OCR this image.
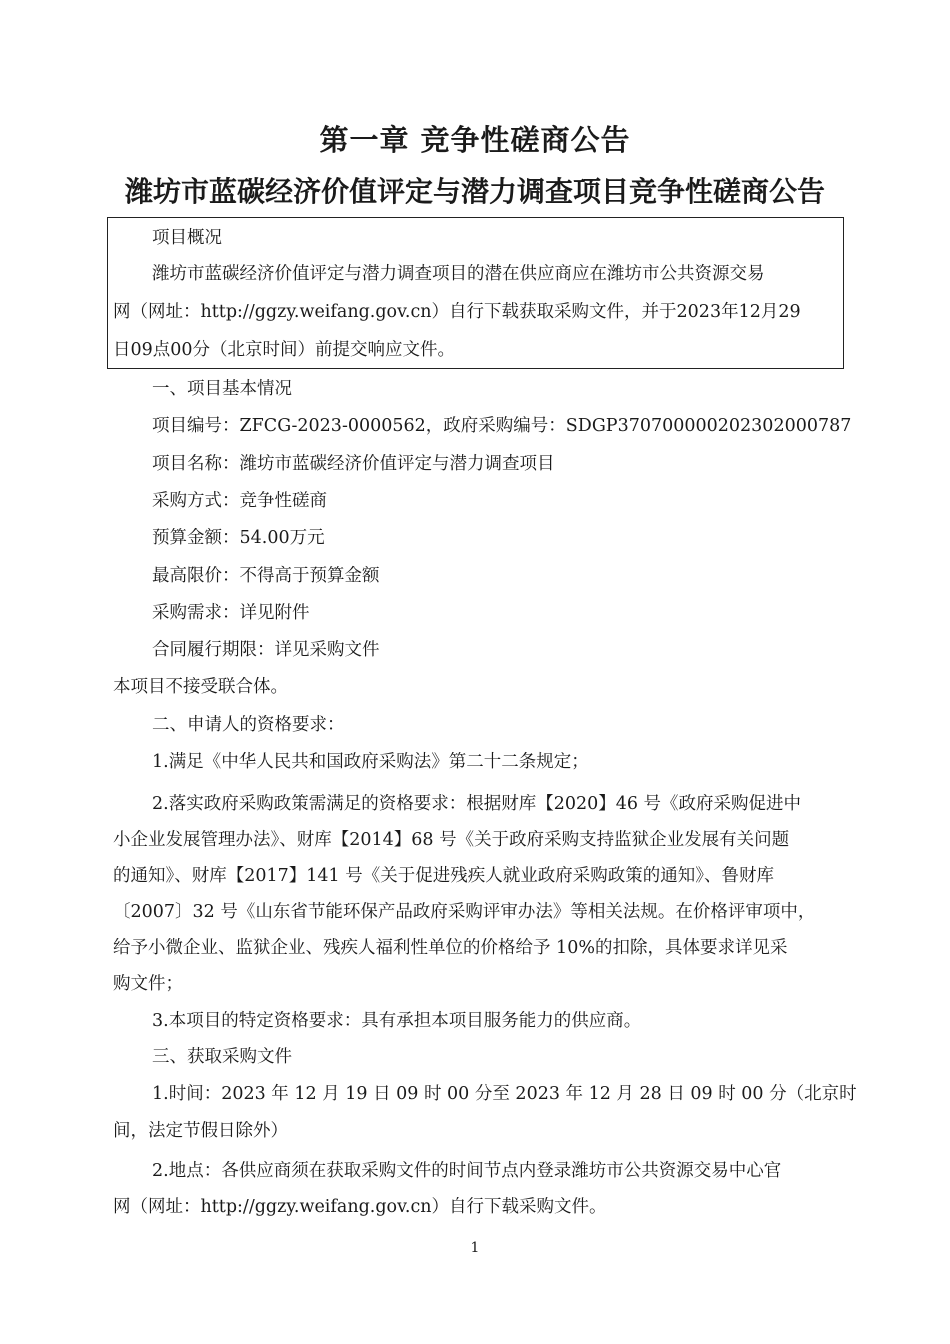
第一章 竞争性磋商公告
潍坊市蓝碳经济价值评定与潜力调查项目竞争性磋商公告
项目概况
潍坊市蓝碳经济价值评定与潜力调查项目的潜在供应商应在潍坊市公共资源交易
网（网址：http://ggzy.weifang.gov.cn）自行下载获取采购文件，并于2023年12月29
日09点00分（北京时间）前提交响应文件。
一、项目基本情况
项目编号：ZFCG-2023-0000562，政府采购编号：SDGP370700000202302000787
项目名称：潍坊市蓝碳经济价值评定与潜力调查项目
采购方式：竞争性磋商
预算金额：54.00万元
最高限价：不得高于预算金额
采购需求：详见附件
合同履行期限：详见采购文件
本项目不接受联合体。
二、申请人的资格要求：
1.满足《中华人民共和国政府采购法》第二十二条规定；
2.落实政府采购政策需满足的资格要求：根据财库【2020】46 号《政府采购促进中
小企业发展管理办法》、财库【2014】68 号《关于政府采购支持监狱企业发展有关问题
的通知》、财库【2017】141 号《关于促进残疾人就业政府采购政策的通知》、鲁财库
〔2007〕32 号《山东省节能环保产品政府采购评审办法》等相关法规。在价格评审项中，
给予小微企业、监狱企业、残疾人福利性单位的价格给予 10%的扣除，具体要求详见采
购文件；
3.本项目的特定资格要求：具有承担本项目服务能力的供应商。
三、获取采购文件
1.时间：2023 年 12 月 19 日 09 时 00 分至 2023 年 12 月 28 日 09 时 00 分（北京时
间，法定节假日除外）
2.地点：各供应商须在获取采购文件的时间节点内登录潍坊市公共资源交易中心官
网（网址：http://ggzy.weifang.gov.cn）自行下载采购文件。
1
